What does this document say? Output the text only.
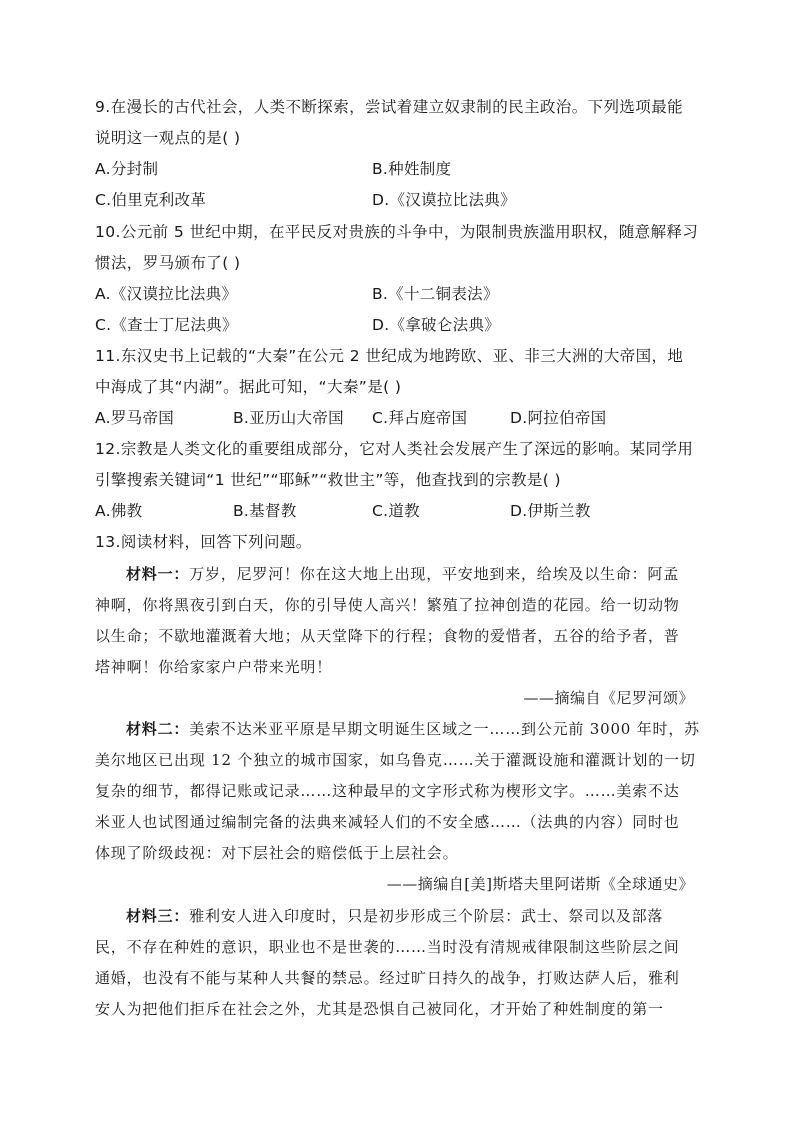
9.在漫长的古代社会，人类不断探索，尝试着建立奴隶制的民主政治。下列选项最能
说明这一观点的是( )
A.分封制	B.种姓制度
C.伯里克利改革	D.《汉谟拉比法典》
10.公元前 5 世纪中期，在平民反对贵族的斗争中，为限制贵族滥用职权，随意解释习
惯法，罗马颁布了( )
A.《汉谟拉比法典》	B.《十二铜表法》
C.《查士丁尼法典》	D.《拿破仑法典》
11.东汉史书上记载的“大秦”在公元 2 世纪成为地跨欧、亚、非三大洲的大帝国，地
中海成了其“内湖”。据此可知，“大秦”是( )
A.罗马帝国	B.亚历山大帝国 C.拜占庭帝国	D.阿拉伯帝国
12.宗教是人类文化的重要组成部分，它对人类社会发展产生了深远的影响。某同学用
引擎搜索关键词“1 世纪”“耶稣”“救世主”等，他查找到的宗教是( )
A.佛教	B.基督教	C.道教	D.伊斯兰教
13.阅读材料，回答下列问题。
材料一：万岁，尼罗河！你在这大地上出现，平安地到来，给埃及以生命：阿孟
神啊，你将黑夜引到白天，你的引导使人高兴！繁殖了拉神创造的花园。给一切动物
以生命；不歇地灌溉着大地；从天堂降下的行程；食物的爱惜者，五谷的给予者，普
塔神啊！你给家家户户带来光明！
——摘编自《尼罗河颂》
材料二：美索不达米亚平原是早期文明诞生区域之一……到公元前 3000 年时，苏
美尔地区已出现 12 个独立的城市国家，如乌鲁克……关于灌溉设施和灌溉计划的一切
复杂的细节，都得记账或记录……这种最早的文字形式称为楔形文字。……美索不达
米亚人也试图通过编制完备的法典来减轻人们的不安全感……（法典的内容）同时也
体现了阶级歧视：对下层社会的赔偿低于上层社会。
——摘编自[美]斯塔夫里阿诺斯《全球通史》
材料三：雅利安人进入印度时，只是初步形成三个阶层：武士、祭司以及部落
民，不存在种姓的意识，职业也不是世袭的……当时没有清规戒律限制这些阶层之间
通婚，也没有不能与某种人共餐的禁忌。经过旷日持久的战争，打败达萨人后，雅利
安人为把他们拒斥在社会之外，尤其是恐惧自己被同化，才开始了种姓制度的第一
